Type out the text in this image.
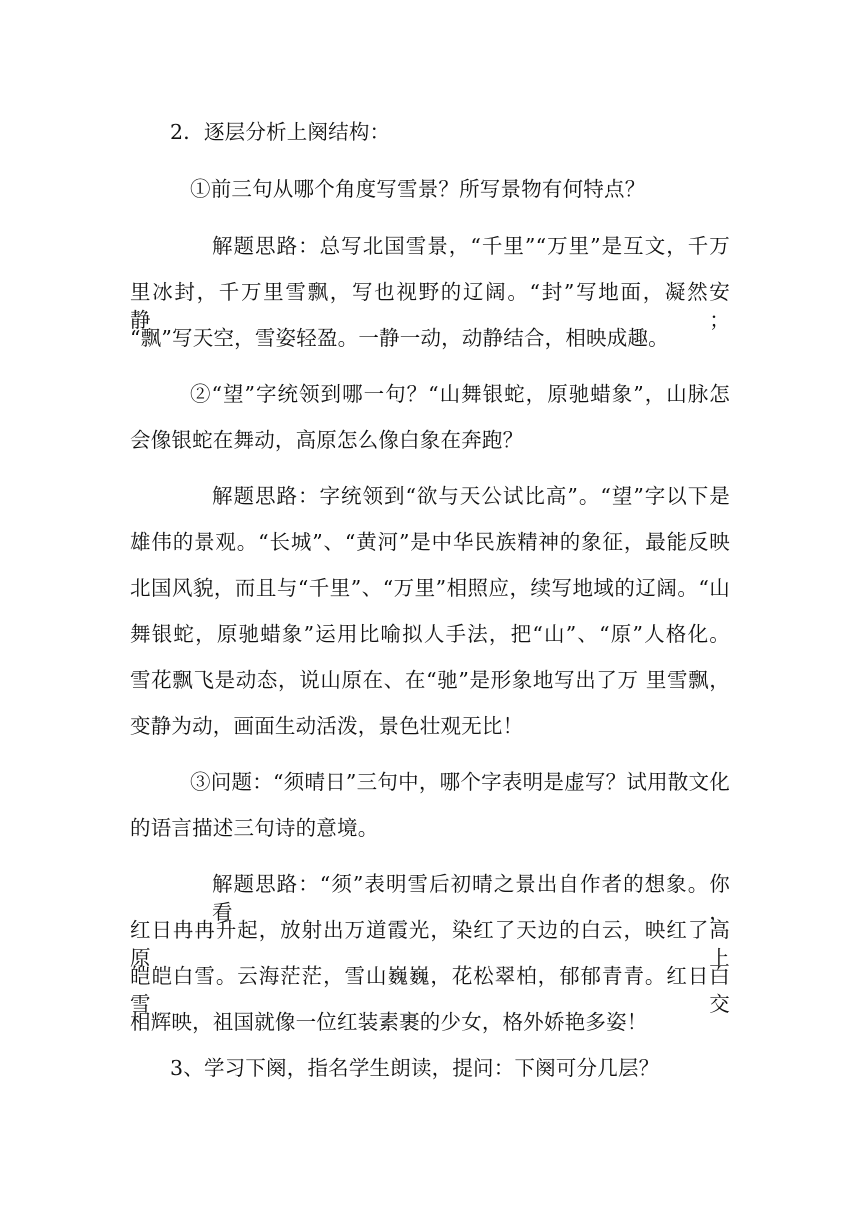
2．逐层分析上阕结构：
①前三句从哪个角度写雪景？所写景物有何特点？
解题思路：总写北国雪景，“千里”“万里”是互文，千万
里冰封，千万里雪飘，写也视野的辽阔。“封”写地面，凝然安静；
“飘”写天空，雪姿轻盈。一静一动，动静结合，相映成趣。
②“望”字统领到哪一句？“山舞银蛇，原驰蜡象”，山脉怎
会像银蛇在舞动，高原怎么像白象在奔跑？
解题思路：字统领到“欲与天公试比高”。“望”字以下是
雄伟的景观。“长城”、“黄河”是中华民族精神的象征，最能反映
北国风貌，而且与“千里”、“万里”相照应，续写地域的辽阔。“山
舞银蛇，原驰蜡象”运用比喻拟人手法，把“山”、“原”人格化。
雪花飘飞是动态，说山原在、在“驰”是形象地写出了万 里雪飘，
变静为动，画面生动活泼，景色壮观无比！
③问题：“须晴日”三句中，哪个字表明是虚写？试用散文化
的语言描述三句诗的意境。
解题思路：“须”表明雪后初晴之景出自作者的想象。你看，
红日冉冉升起，放射出万道霞光，染红了天边的白云，映红了高原上
皑皑白雪。云海茫茫，雪山巍巍，花松翠柏，郁郁青青。红日白雪交
相辉映，祖国就像一位红装素裹的少女，格外娇艳多姿！
3、学习下阕，指名学生朗读，提问：下阕可分几层？
